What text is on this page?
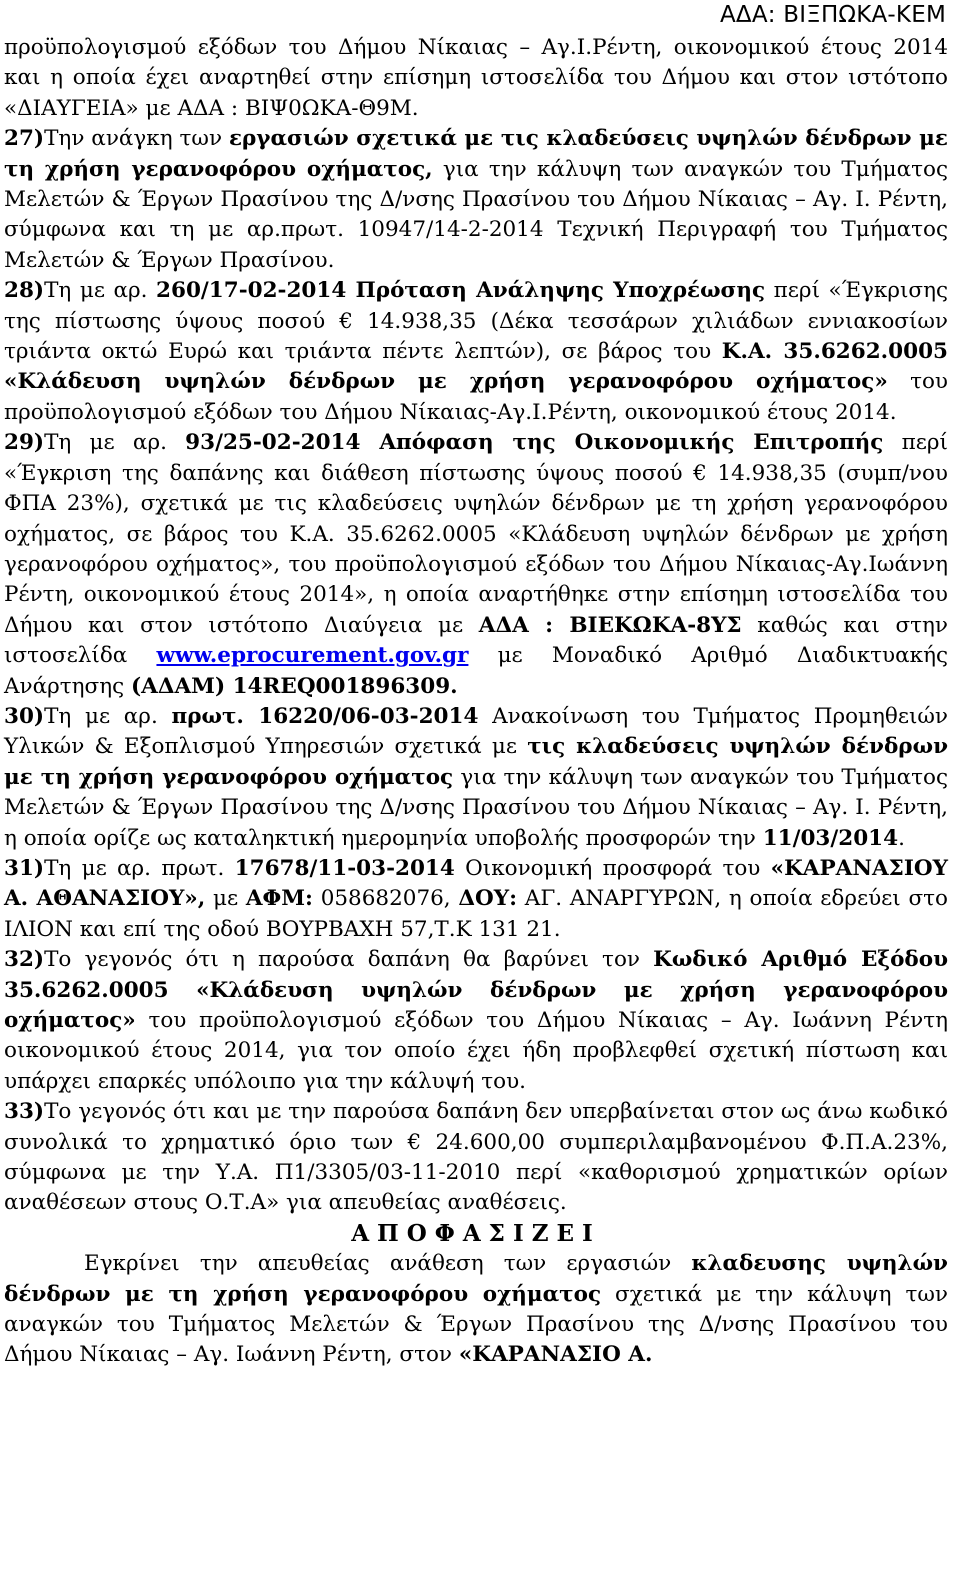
ΑΔΑ: ΒΙΞΠΩΚΑ-ΚΕΜ

προϋπολογισμού εξόδων του Δήμου Νίκαιας – Αγ.Ι.Ρέντη, οικονομικού έτους 2014 και η οποία έχει αναρτηθεί στην επίσημη ιστοσελίδα του Δήμου και στον ιστότοπο «ΔΙΑΥΓΕΙΑ» με ΑΔΑ : ΒΙΨ0ΩΚΑ-Θ9Μ.

27)Την ανάγκη των εργασιών σχετικά με τις κλαδεύσεις υψηλών δένδρων με τη χρήση γερανοφόρου οχήματος, για την κάλυψη των αναγκών του Τμήματος Μελετών & Έργων Πρασίνου της Δ/νσης Πρασίνου του Δήμου Νίκαιας – Αγ. Ι. Ρέντη, σύμφωνα και τη με αρ.πρωτ. 10947/14-2-2014 Τεχνική Περιγραφή του Τμήματος Μελετών & Έργων Πρασίνου.

28)Τη με αρ. 260/17-02-2014 Πρόταση Ανάληψης Υποχρέωσης περί «Έγκρισης της πίστωσης ύψους ποσού € 14.938,35 (Δέκα τεσσάρων χιλιάδων εννιακοσίων τριάντα οκτώ Ευρώ και τριάντα πέντε λεπτών), σε βάρος του Κ.Α. 35.6262.0005 «Κλάδευση υψηλών δένδρων με χρήση γερανοφόρου οχήματος» του προϋπολογισμού εξόδων του Δήμου Νίκαιας-Αγ.Ι.Ρέντη, οικονομικού έτους 2014.

29)Τη με αρ. 93/25-02-2014 Απόφαση της Οικονομικής Επιτροπής περί «Έγκριση της δαπάνης και διάθεση πίστωσης ύψους ποσού € 14.938,35 (συμπ/νου ΦΠΑ 23%), σχετικά με τις κλαδεύσεις υψηλών δένδρων με τη χρήση γερανοφόρου οχήματος, σε βάρος του Κ.Α. 35.6262.0005 «Κλάδευση υψηλών δένδρων με χρήση γερανοφόρου οχήματος», του προϋπολογισμού εξόδων του Δήμου Νίκαιας-Αγ.Ιωάννη Ρέντη, οικονομικού έτους 2014», η οποία αναρτήθηκε στην επίσημη ιστοσελίδα του Δήμου και στον ιστότοπο Διαύγεια με ΑΔΑ : ΒΙΕΚΩΚΑ-8ΥΣ καθώς και στην ιστοσελίδα www.eprocurement.gov.gr με Μοναδικό Αριθμό Διαδικτυακής Ανάρτησης (ΑΔΑΜ) 14REQ001896309.

30)Τη με αρ. πρωτ. 16220/06-03-2014 Ανακοίνωση του Τμήματος Προμηθειών Υλικών & Εξοπλισμού Υπηρεσιών σχετικά με τις κλαδεύσεις υψηλών δένδρων με τη χρήση γερανοφόρου οχήματος για την κάλυψη των αναγκών του Τμήματος Μελετών & Έργων Πρασίνου της Δ/νσης Πρασίνου του Δήμου Νίκαιας – Αγ. Ι. Ρέντη, η οποία ορίζε ως καταληκτική ημερομηνία υποβολής προσφορών την 11/03/2014.

31)Τη με αρ. πρωτ. 17678/11-03-2014 Οικονομική προσφορά του «ΚΑΡΑΝΑΣΙΟΥ Α. ΑΘΑΝΑΣΙΟΥ», με ΑΦΜ: 058682076, ΔΟΥ: ΑΓ. ΑΝΑΡΓΥΡΩΝ, η οποία εδρεύει στο ΙΛΙΟΝ και επί της οδού ΒΟΥΡΒΑΧΗ 57,Τ.Κ 131 21.

32)Το γεγονός ότι η παρούσα δαπάνη θα βαρύνει τον Κωδικό Αριθμό Εξόδου 35.6262.0005 «Κλάδευση υψηλών δένδρων με χρήση γερανοφόρου οχήματος» του προϋπολογισμού εξόδων του Δήμου Νίκαιας – Αγ. Ιωάννη Ρέντη οικονομικού έτους 2014, για τον οποίο έχει ήδη προβλεφθεί σχετική πίστωση και υπάρχει επαρκές υπόλοιπο για την κάλυψή του.

33)Το γεγονός ότι και με την παρούσα δαπάνη δεν υπερβαίνεται στον ως άνω κωδικό συνολικά το χρηματικό όριο των € 24.600,00 συμπεριλαμβανομένου Φ.Π.Α.23%, σύμφωνα με την Υ.Α. Π1/3305/03-11-2010 περί «καθορισμού χρηματικών ορίων αναθέσεων στους Ο.Τ.Α» για απευθείας αναθέσεις.

ΑΠΟΦΑΣΙΖΕΙ

Εγκρίνει την απευθείας ανάθεση των εργασιών κλαδευσης υψηλών δένδρων με τη χρήση γερανοφόρου οχήματος σχετικά με την κάλυψη των αναγκών του Τμήματος Μελετών & Έργων Πρασίνου της Δ/νσης Πρασίνου του Δήμου Νίκαιας – Αγ. Ιωάννη Ρέντη, στον «ΚΑΡΑΝΑΣΙΟ Α.
